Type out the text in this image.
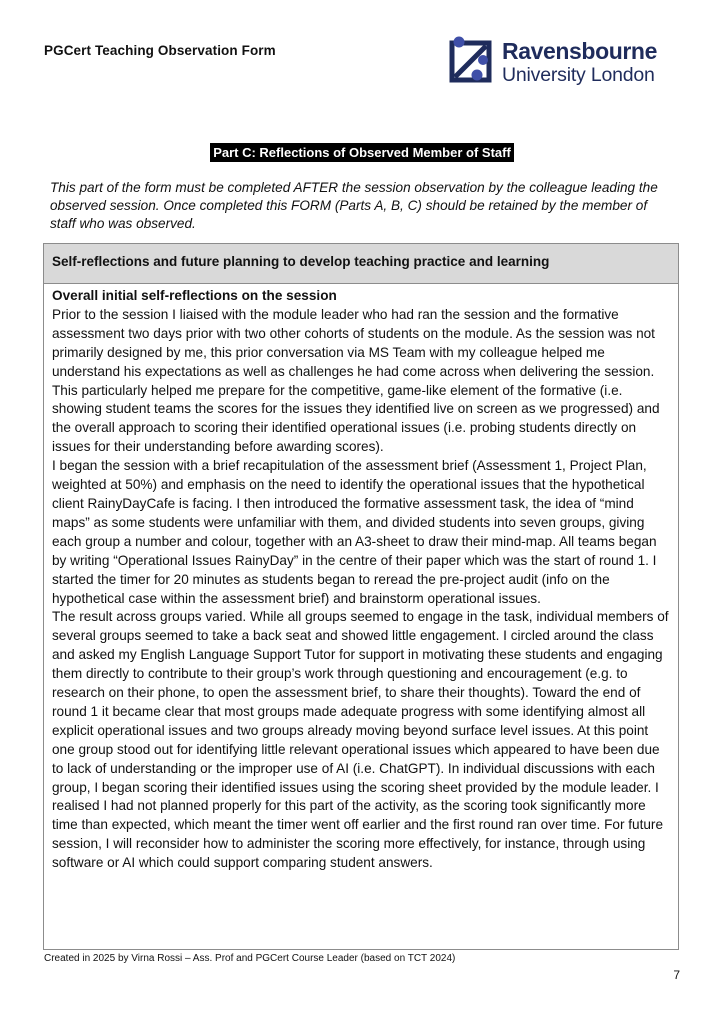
PGCert Teaching Observation Form	Ravensbourne
University London
Part C: Reflections of Observed Member of Staff

This part of the form must be completed AFTER the session observation by the colleague leading the observed session. Once completed this FORM (Parts A, B, C) should be retained by the member of staff who was observed.

Self-reflections and future planning to develop teaching practice and learning
Overall initial self-reflections on the session

Prior to the session I liaised with the module leader who had ran the session and the formative assessment two days prior with two other cohorts of students on the module. As the session was not primarily designed by me, this prior conversation via MS Team with my colleague helped me understand his expectations as well as challenges he had come across when delivering the session. This particularly helped me prepare for the competitive, game-like element of the formative (i.e. showing student teams the scores for the issues they identified live on screen as we progressed) and the overall approach to scoring their identified operational issues (i.e. probing students directly on issues for their understanding before awarding scores).

I began the session with a brief recapitulation of the assessment brief (Assessment 1, Project Plan, weighted at 50%) and emphasis on the need to identify the operational issues that the hypothetical client RainyDayCafe is facing. I then introduced the formative assessment task, the idea of “mind maps” as some students were unfamiliar with them, and divided students into seven groups, giving each group a number and colour, together with an A3-sheet to draw their mind-map. All teams began by writing “Operational Issues RainyDay” in the centre of their paper which was the start of round 1. I started the timer for 20 minutes as students began to reread the pre-project audit (info on the hypothetical case within the assessment brief) and brainstorm operational issues.

The result across groups varied. While all groups seemed to engage in the task, individual members of several groups seemed to take a back seat and showed little engagement. I circled around the class and asked my English Language Support Tutor for support in motivating these students and engaging them directly to contribute to their group’s work through questioning and encouragement (e.g. to research on their phone, to open the assessment brief, to share their thoughts). Toward the end of round 1 it became clear that most groups made adequate progress with some identifying almost all explicit operational issues and two groups already moving beyond surface level issues. At this point one group stood out for identifying little relevant operational issues which appeared to have been due to lack of understanding or the improper use of AI (i.e. ChatGPT). In individual discussions with each group, I began scoring their identified issues using the scoring sheet provided by the module leader. I realised I had not planned properly for this part of the activity, as the scoring took significantly more time than expected, which meant the timer went off earlier and the first round ran over time. For future session, I will reconsider how to administer the scoring more effectively, for instance, through using software or AI which could support comparing student answers.

Created in 2025 by Virna Rossi – Ass. Prof and PGCert Course Leader (based on TCT 2024)
7
